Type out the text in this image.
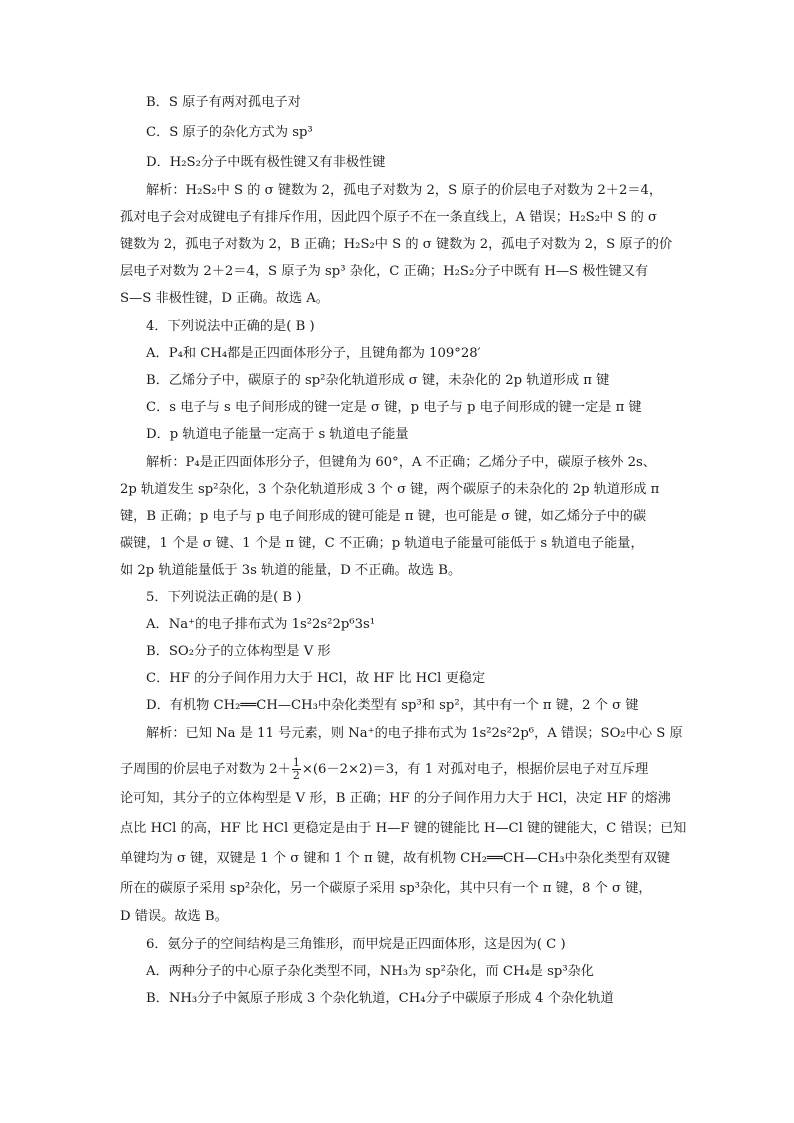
B．S 原子有两对孤电子对
C．S 原子的杂化方式为 sp³
D．H₂S₂分子中既有极性键又有非极性键
解析：H₂S₂中 S 的 σ 键数为 2，孤电子对数为 2，S 原子的价层电子对数为 2＋2＝4，
孤对电子会对成键电子有排斥作用，因此四个原子不在一条直线上，A 错误；H₂S₂中 S 的 σ
键数为 2，孤电子对数为 2，B 正确；H₂S₂中 S 的 σ 键数为 2，孤电子对数为 2，S 原子的价
层电子对数为 2＋2＝4，S 原子为 sp³ 杂化，C 正确；H₂S₂分子中既有 H—S 极性键又有
S—S 非极性键，D 正确。故选 A。
4．下列说法中正确的是( B )
A．P₄和 CH₄都是正四面体形分子，且键角都为 109°28′
B．乙烯分子中，碳原子的 sp²杂化轨道形成 σ 键，未杂化的 2p 轨道形成 π 键
C．s 电子与 s 电子间形成的键一定是 σ 键，p 电子与 p 电子间形成的键一定是 π 键
D．p 轨道电子能量一定高于 s 轨道电子能量
解析：P₄是正四面体形分子，但键角为 60°，A 不正确；乙烯分子中，碳原子核外 2s、
2p 轨道发生 sp²杂化，3 个杂化轨道形成 3 个 σ 键，两个碳原子的未杂化的 2p 轨道形成 π
键，B 正确；p 电子与 p 电子间形成的键可能是 π 键，也可能是 σ 键，如乙烯分子中的碳
碳键，1 个是 σ 键、1 个是 π 键，C 不正确；p 轨道电子能量可能低于 s 轨道电子能量，
如 2p 轨道能量低于 3s 轨道的能量，D 不正确。故选 B。
5．下列说法正确的是( B )
A．Na⁺的电子排布式为 1s²2s²2p⁶3s¹
B．SO₂分子的立体构型是 V 形
C．HF 的分子间作用力大于 HCl，故 HF 比 HCl 更稳定
D．有机物 CH₂══CH—CH₃中杂化类型有 sp³和 sp²，其中有一个 π 键，2 个 σ 键
解析：已知 Na 是 11 号元素，则 Na⁺的电子排布式为 1s²2s²2p⁶，A 错误；SO₂中心 S 原
子周围的价层电子对数为 $2+ \frac{1}{2} \times(6-2\times 2)=3$，有 1 对孤对电子，根据价层电子对互斥理
论可知，其分子的立体构型是 V 形，B 正确；HF 的分子间作用力大于 HCl，决定 HF 的熔沸
点比 HCl 的高，HF 比 HCl 更稳定是由于 H—F 键的键能比 H—Cl 键的键能大，C 错误；已知
单键均为 σ 键，双键是 1 个 σ 键和 1 个 π 键，故有机物 CH₂══CH—CH₃中杂化类型有双键
所在的碳原子采用 sp²杂化，另一个碳原子采用 sp³杂化，其中只有一个 π 键，8 个 σ 键，
D 错误。故选 B。
6．氨分子的空间结构是三角锥形，而甲烷是正四面体形，这是因为( C )
A．两种分子的中心原子杂化类型不同，NH₃为 sp²杂化，而 CH₄是 sp³杂化
B．NH₃分子中氮原子形成 3 个杂化轨道，CH₄分子中碳原子形成 4 个杂化轨道
